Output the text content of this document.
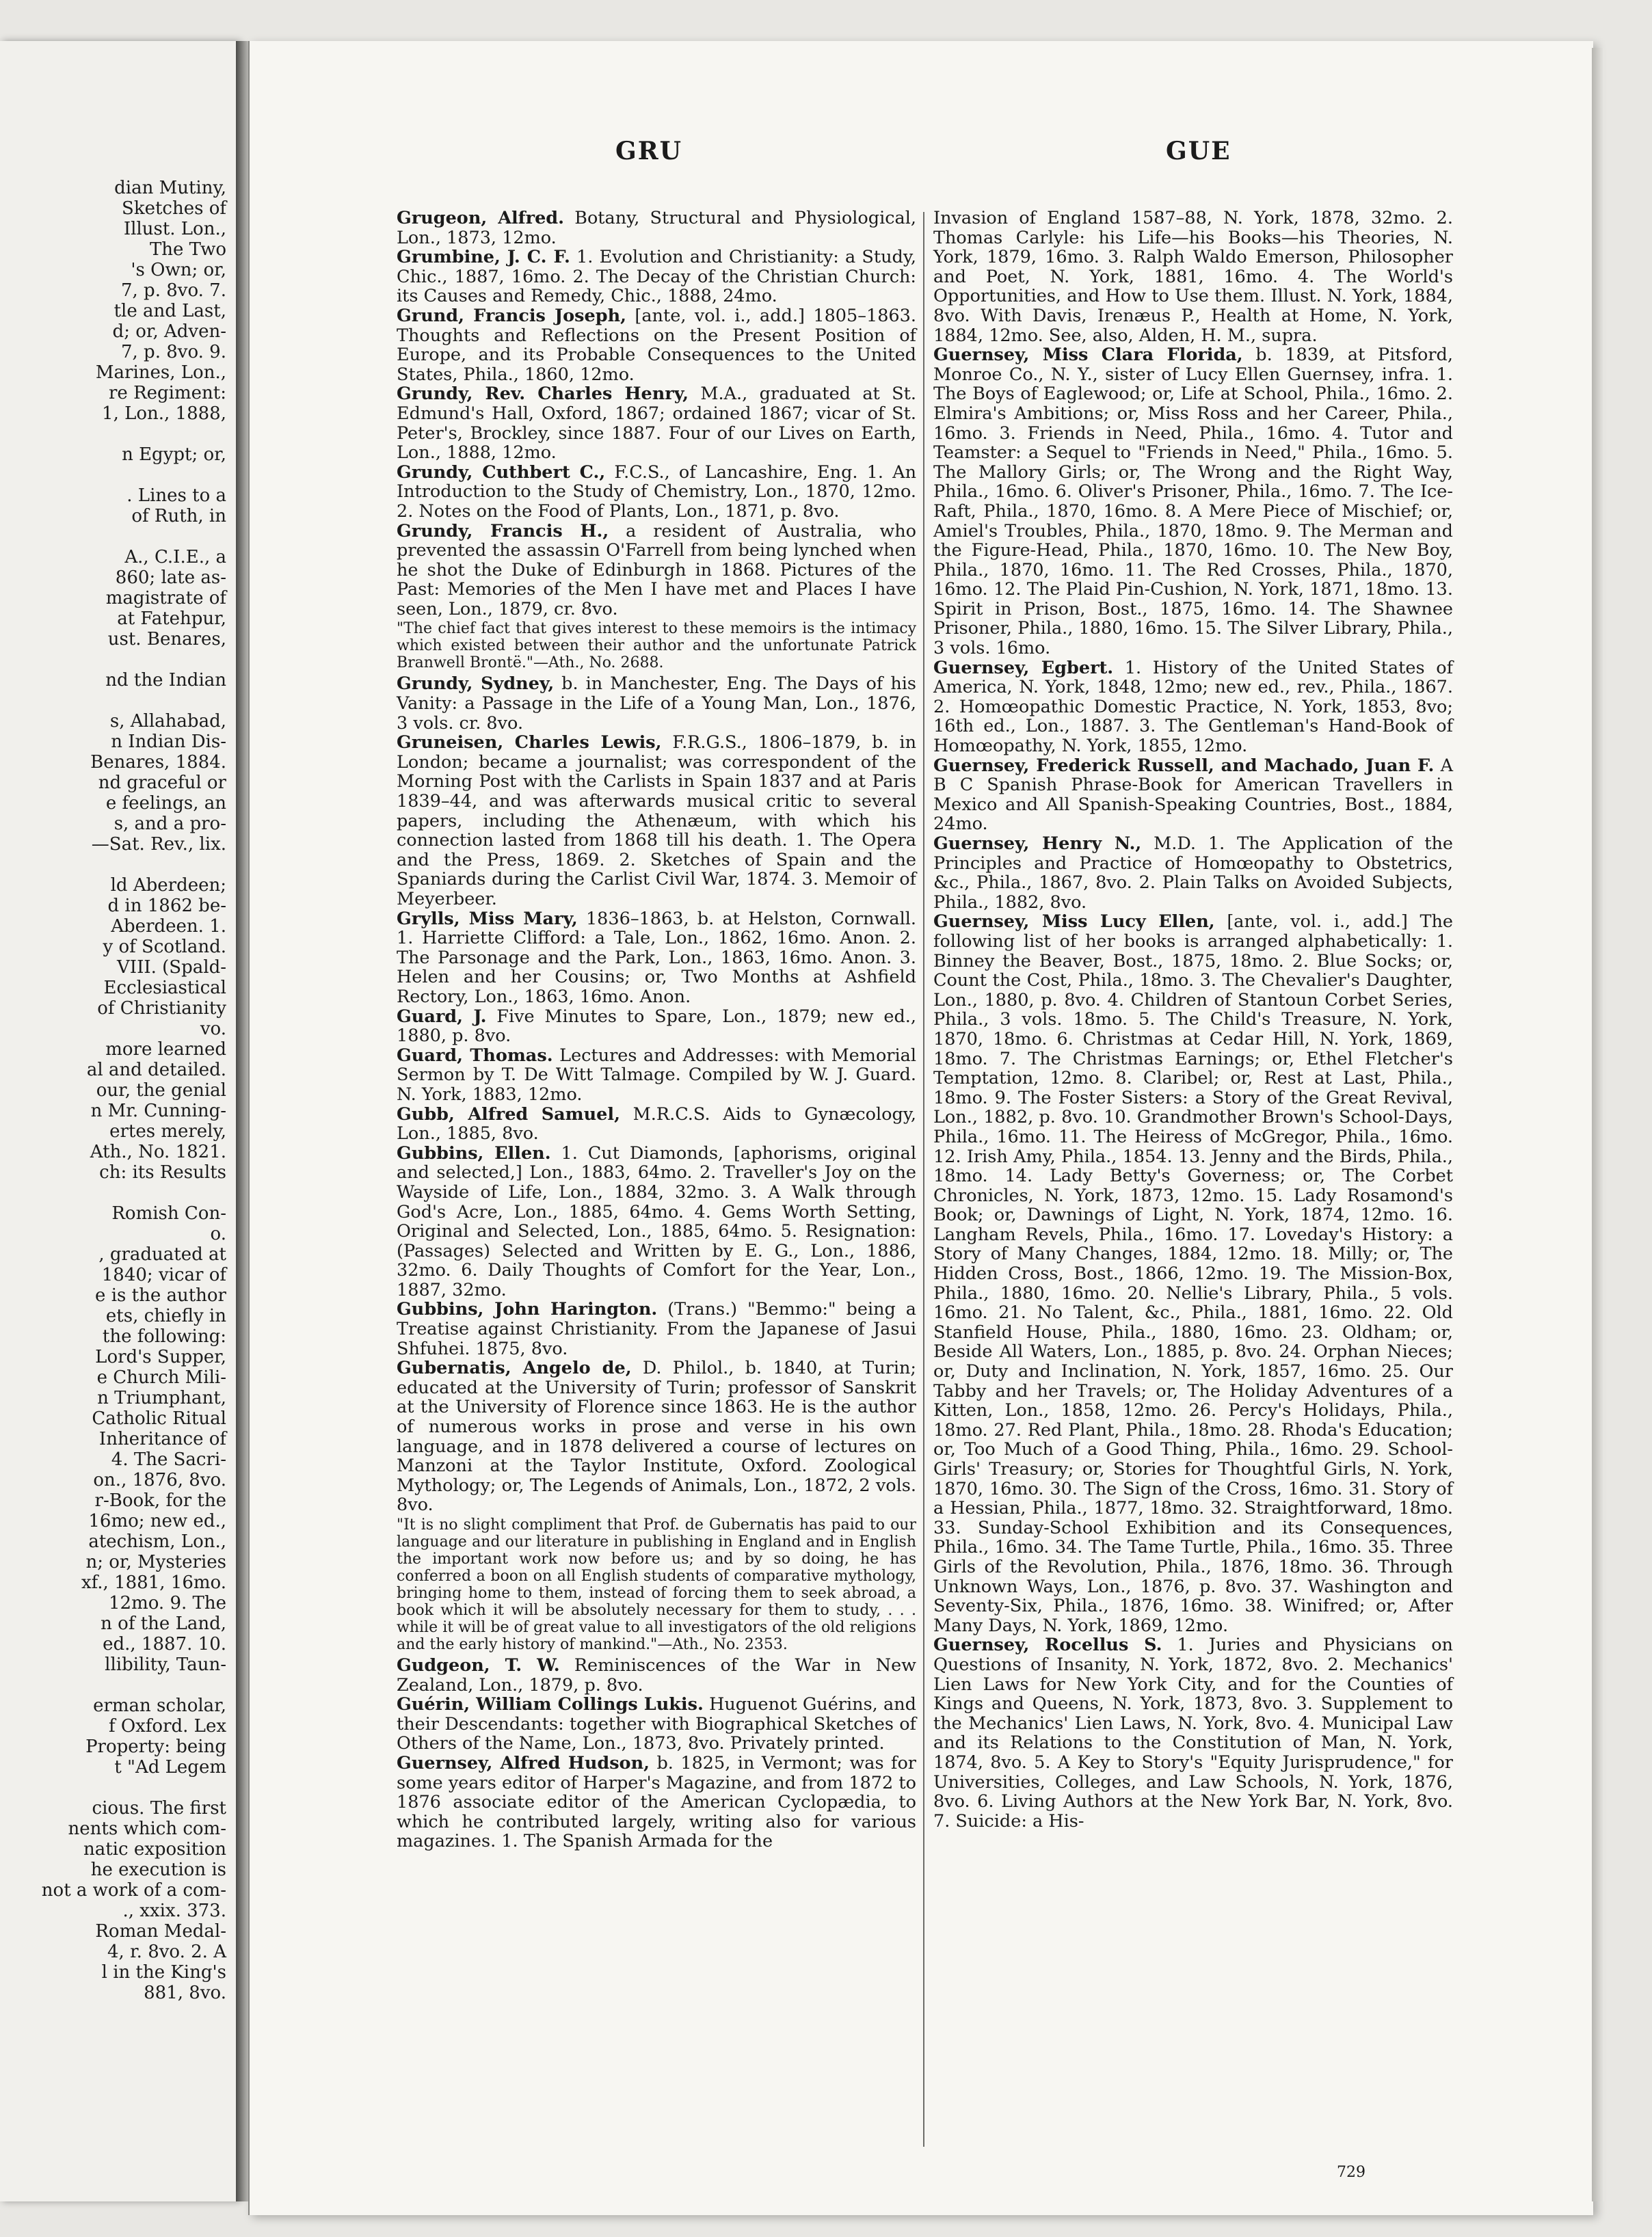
dian Mutiny,
Sketches of
Illust. Lon.,
The Two
's Own; or,
7, p. 8vo. 7.
tle and Last,
d; or, Adven-
7, p. 8vo. 9.
Marines, Lon.,
re Regiment:
1, Lon., 1888,

n Egypt; or,

. Lines to a
of Ruth, in

A., C.I.E., a
860; late as-
magistrate of
at Fatehpur,
ust. Benares,

nd the Indian

s, Allahabad,
n Indian Dis-
Benares, 1884.
nd graceful or
e feelings, an
s, and a pro-
—Sat. Rev., lix.

ld Aberdeen;
d in 1862 be-
Aberdeen. 1.
y of Scotland.
VIII. (Spald-
Ecclesiastical
of Christianity
vo.
more learned
al and detailed.
our, the genial
n Mr. Cunning-
ertes merely,
Ath., No. 1821.
ch: its Results

Romish Con-
o.
, graduated at
1840; vicar of
e is the author
ets, chiefly in
the following:
Lord's Supper,
e Church Mili-
n Triumphant,
Catholic Ritual
Inheritance of
4. The Sacri-
on., 1876, 8vo.
r-Book, for the
16mo; new ed.,
atechism, Lon.,
n; or, Mysteries
xf., 1881, 16mo.
12mo. 9. The
n of the Land,
ed., 1887. 10.
llibility, Taun-

erman scholar,
f Oxford. Lex
Property: being
t "Ad Legem

cious. The first
nents which com-
natic exposition
he execution is
not a work of a com-
., xxix. 373.
Roman Medal-
4, r. 8vo. 2. A
l in the King's
881, 8vo.
GRU	GUE

Grugeon, Alfred. Botany, Structural and Physiological, Lon., 1873, 12mo.

Grumbine, J. C. F. 1. Evolution and Christianity: a Study, Chic., 1887, 16mo. 2. The Decay of the Christian Church: its Causes and Remedy, Chic., 1888, 24mo.

Grund, Francis Joseph, [ante, vol. i., add.] 1805–1863. Thoughts and Reflections on the Present Position of Europe, and its Probable Consequences to the United States, Phila., 1860, 12mo.

Grundy, Rev. Charles Henry, M.A., graduated at St. Edmund's Hall, Oxford, 1867; ordained 1867; vicar of St. Peter's, Brockley, since 1887. Four of our Lives on Earth, Lon., 1888, 12mo.

Grundy, Cuthbert C., F.C.S., of Lancashire, Eng. 1. An Introduction to the Study of Chemistry, Lon., 1870, 12mo. 2. Notes on the Food of Plants, Lon., 1871, p. 8vo.

Grundy, Francis H., a resident of Australia, who prevented the assassin O'Farrell from being lynched when he shot the Duke of Edinburgh in 1868. Pictures of the Past: Memories of the Men I have met and Places I have seen, Lon., 1879, cr. 8vo.

"The chief fact that gives interest to these memoirs is the intimacy which existed between their author and the unfortunate Patrick Branwell Brontë."—Ath., No. 2688.

Grundy, Sydney, b. in Manchester, Eng. The Days of his Vanity: a Passage in the Life of a Young Man, Lon., 1876, 3 vols. cr. 8vo.

Gruneisen, Charles Lewis, F.R.G.S., 1806–1879, b. in London; became a journalist; was correspondent of the Morning Post with the Carlists in Spain 1837 and at Paris 1839–44, and was afterwards musical critic to several papers, including the Athenæum, with which his connection lasted from 1868 till his death. 1. The Opera and the Press, 1869. 2. Sketches of Spain and the Spaniards during the Carlist Civil War, 1874. 3. Memoir of Meyerbeer.

Grylls, Miss Mary, 1836–1863, b. at Helston, Cornwall. 1. Harriette Clifford: a Tale, Lon., 1862, 16mo. Anon. 2. The Parsonage and the Park, Lon., 1863, 16mo. Anon. 3. Helen and her Cousins; or, Two Months at Ashfield Rectory, Lon., 1863, 16mo. Anon.

Guard, J. Five Minutes to Spare, Lon., 1879; new ed., 1880, p. 8vo.

Guard, Thomas. Lectures and Addresses: with Memorial Sermon by T. De Witt Talmage. Compiled by W. J. Guard. N. York, 1883, 12mo.

Gubb, Alfred Samuel, M.R.C.S. Aids to Gynæcology, Lon., 1885, 8vo.

Gubbins, Ellen. 1. Cut Diamonds, [aphorisms, original and selected,] Lon., 1883, 64mo. 2. Traveller's Joy on the Wayside of Life, Lon., 1884, 32mo. 3. A Walk through God's Acre, Lon., 1885, 64mo. 4. Gems Worth Setting, Original and Selected, Lon., 1885, 64mo. 5. Resignation: (Passages) Selected and Written by E. G., Lon., 1886, 32mo. 6. Daily Thoughts of Comfort for the Year, Lon., 1887, 32mo.

Gubbins, John Harington. (Trans.) "Bemmo:" being a Treatise against Christianity. From the Japanese of Jasui Shfuhei. 1875, 8vo.

Gubernatis, Angelo de, D. Philol., b. 1840, at Turin; educated at the University of Turin; professor of Sanskrit at the University of Florence since 1863. He is the author of numerous works in prose and verse in his own language, and in 1878 delivered a course of lectures on Manzoni at the Taylor Institute, Oxford. Zoological Mythology; or, The Legends of Animals, Lon., 1872, 2 vols. 8vo.

"It is no slight compliment that Prof. de Gubernatis has paid to our language and our literature in publishing in England and in English the important work now before us; and by so doing, he has conferred a boon on all English students of comparative mythology, bringing home to them, instead of forcing them to seek abroad, a book which it will be absolutely necessary for them to study, . . . while it will be of great value to all investigators of the old religions and the early history of mankind."—Ath., No. 2353.

Gudgeon, T. W. Reminiscences of the War in New Zealand, Lon., 1879, p. 8vo.

Guérin, William Collings Lukis. Huguenot Guérins, and their Descendants: together with Biographical Sketches of Others of the Name, Lon., 1873, 8vo. Privately printed.

Guernsey, Alfred Hudson, b. 1825, in Vermont; was for some years editor of Harper's Magazine, and from 1872 to 1876 associate editor of the American Cyclopædia, to which he contributed largely, writing also for various magazines. 1. The Spanish Armada for the

Invasion of England 1587–88, N. York, 1878, 32mo. 2. Thomas Carlyle: his Life—his Books—his Theories, N. York, 1879, 16mo. 3. Ralph Waldo Emerson, Philosopher and Poet, N. York, 1881, 16mo. 4. The World's Opportunities, and How to Use them. Illust. N. York, 1884, 8vo. With Davis, Irenæus P., Health at Home, N. York, 1884, 12mo. See, also, Alden, H. M., supra.

Guernsey, Miss Clara Florida, b. 1839, at Pitsford, Monroe Co., N. Y., sister of Lucy Ellen Guernsey, infra. 1. The Boys of Eaglewood; or, Life at School, Phila., 16mo. 2. Elmira's Ambitions; or, Miss Ross and her Career, Phila., 16mo. 3. Friends in Need, Phila., 16mo. 4. Tutor and Teamster: a Sequel to "Friends in Need," Phila., 16mo. 5. The Mallory Girls; or, The Wrong and the Right Way, Phila., 16mo. 6. Oliver's Prisoner, Phila., 16mo. 7. The Ice-Raft, Phila., 1870, 16mo. 8. A Mere Piece of Mischief; or, Amiel's Troubles, Phila., 1870, 18mo. 9. The Merman and the Figure-Head, Phila., 1870, 16mo. 10. The New Boy, Phila., 1870, 16mo. 11. The Red Crosses, Phila., 1870, 16mo. 12. The Plaid Pin-Cushion, N. York, 1871, 18mo. 13. Spirit in Prison, Bost., 1875, 16mo. 14. The Shawnee Prisoner, Phila., 1880, 16mo. 15. The Silver Library, Phila., 3 vols. 16mo.

Guernsey, Egbert. 1. History of the United States of America, N. York, 1848, 12mo; new ed., rev., Phila., 1867. 2. Homœopathic Domestic Practice, N. York, 1853, 8vo; 16th ed., Lon., 1887. 3. The Gentleman's Hand-Book of Homœopathy, N. York, 1855, 12mo.

Guernsey, Frederick Russell, and Machado, Juan F. A B C Spanish Phrase-Book for American Travellers in Mexico and All Spanish-Speaking Countries, Bost., 1884, 24mo.

Guernsey, Henry N., M.D. 1. The Application of the Principles and Practice of Homœopathy to Obstetrics, &c., Phila., 1867, 8vo. 2. Plain Talks on Avoided Subjects, Phila., 1882, 8vo.

Guernsey, Miss Lucy Ellen, [ante, vol. i., add.] The following list of her books is arranged alphabetically: 1. Binney the Beaver, Bost., 1875, 18mo. 2. Blue Socks; or, Count the Cost, Phila., 18mo. 3. The Chevalier's Daughter, Lon., 1880, p. 8vo. 4. Children of Stantoun Corbet Series, Phila., 3 vols. 18mo. 5. The Child's Treasure, N. York, 1870, 18mo. 6. Christmas at Cedar Hill, N. York, 1869, 18mo. 7. The Christmas Earnings; or, Ethel Fletcher's Temptation, 12mo. 8. Claribel; or, Rest at Last, Phila., 18mo. 9. The Foster Sisters: a Story of the Great Revival, Lon., 1882, p. 8vo. 10. Grandmother Brown's School-Days, Phila., 16mo. 11. The Heiress of McGregor, Phila., 16mo. 12. Irish Amy, Phila., 1854. 13. Jenny and the Birds, Phila., 18mo. 14. Lady Betty's Governess; or, The Corbet Chronicles, N. York, 1873, 12mo. 15. Lady Rosamond's Book; or, Dawnings of Light, N. York, 1874, 12mo. 16. Langham Revels, Phila., 16mo. 17. Loveday's History: a Story of Many Changes, 1884, 12mo. 18. Milly; or, The Hidden Cross, Bost., 1866, 12mo. 19. The Mission-Box, Phila., 1880, 16mo. 20. Nellie's Library, Phila., 5 vols. 16mo. 21. No Talent, &c., Phila., 1881, 16mo. 22. Old Stanfield House, Phila., 1880, 16mo. 23. Oldham; or, Beside All Waters, Lon., 1885, p. 8vo. 24. Orphan Nieces; or, Duty and Inclination, N. York, 1857, 16mo. 25. Our Tabby and her Travels; or, The Holiday Adventures of a Kitten, Lon., 1858, 12mo. 26. Percy's Holidays, Phila., 18mo. 27. Red Plant, Phila., 18mo. 28. Rhoda's Education; or, Too Much of a Good Thing, Phila., 16mo. 29. School-Girls' Treasury; or, Stories for Thoughtful Girls, N. York, 1870, 16mo. 30. The Sign of the Cross, 16mo. 31. Story of a Hessian, Phila., 1877, 18mo. 32. Straightforward, 18mo. 33. Sunday-School Exhibition and its Consequences, Phila., 16mo. 34. The Tame Turtle, Phila., 16mo. 35. Three Girls of the Revolution, Phila., 1876, 18mo. 36. Through Unknown Ways, Lon., 1876, p. 8vo. 37. Washington and Seventy-Six, Phila., 1876, 16mo. 38. Winifred; or, After Many Days, N. York, 1869, 12mo.

Guernsey, Rocellus S. 1. Juries and Physicians on Questions of Insanity, N. York, 1872, 8vo. 2. Mechanics' Lien Laws for New York City, and for the Counties of Kings and Queens, N. York, 1873, 8vo. 3. Supplement to the Mechanics' Lien Laws, N. York, 8vo. 4. Municipal Law and its Relations to the Constitution of Man, N. York, 1874, 8vo. 5. A Key to Story's "Equity Jurisprudence," for Universities, Colleges, and Law Schools, N. York, 1876, 8vo. 6. Living Authors at the New York Bar, N. York, 8vo. 7. Suicide: a His-

729
